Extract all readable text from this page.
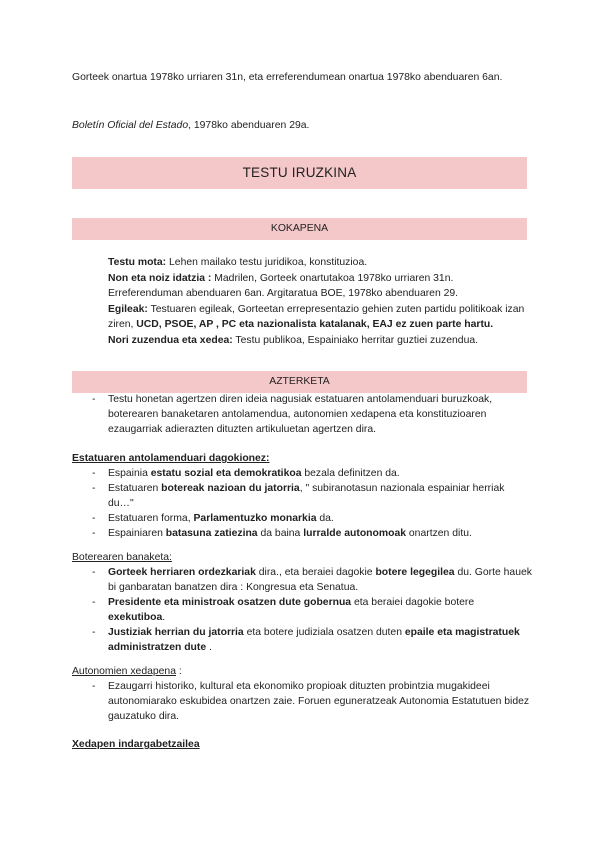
Gorteek onartua 1978ko urriaren 31n, eta erreferendumean onartua 1978ko abenduaren 6an.

Boletín Oficial del Estado, 1978ko abenduaren 29a.

TESTU IRUZKINA
KOKAPENA

Testu mota: Lehen mailako testu juridikoa, konstituzioa.

Non eta noiz idatzia : Madrilen, Gorteek onartutakoa 1978ko urriaren 31n. Erreferenduman abenduaren 6an. Argitaratua BOE, 1978ko abenduaren 29.

Egileak: Testuaren egileak, Gorteetan errepresentazio gehien zuten partidu politikoak izan ziren, UCD, PSOE, AP , PC eta nazionalista katalanak, EAJ ez zuen parte hartu.

Nori zuzendua eta xedea: Testu publikoa, Espainiako herritar guztiei zuzendua.

AZTERKETA
- Testu honetan agertzen diren ideia nagusiak estatuaren antolamenduari buruzkoak, boterearen banaketaren antolamendua, autonomien xedapena eta konstituzioaren ezaugarriak adierazten dituzten artikuluetan agertzen dira.
Estatuaren antolamenduari dagokionez:
- Espainia estatu sozial eta demokratikoa bezala definitzen da.
- Estatuaren botereak nazioan du jatorria, " subiranotasun nazionala espainiar herriak du…"
- Estatuaren forma, Parlamentuzko monarkia da.
- Espainiaren batasuna zatiezina da baina lurralde autonomoak onartzen ditu.
Boterearen banaketa:
- Gorteek herriaren ordezkariak dira., eta beraiei dagokie botere legegilea du. Gorte hauek bi ganbaratan banatzen dira : Kongresua eta Senatua.
- Presidente eta ministroak osatzen dute gobernua eta beraiei dagokie botere exekutiboa.
- Justiziak herrian du jatorria eta botere judiziala osatzen duten epaile eta magistratuek administratzen dute .
Autonomien xedapena :
- Ezaugarri historiko, kultural eta ekonomiko propioak dituzten probintzia mugakideei autonomiarako eskubidea onartzen zaie. Foruen eguneratzeak Autonomia Estatutuen bidez gauzatuko dira.
Xedapen indargabetzailea
